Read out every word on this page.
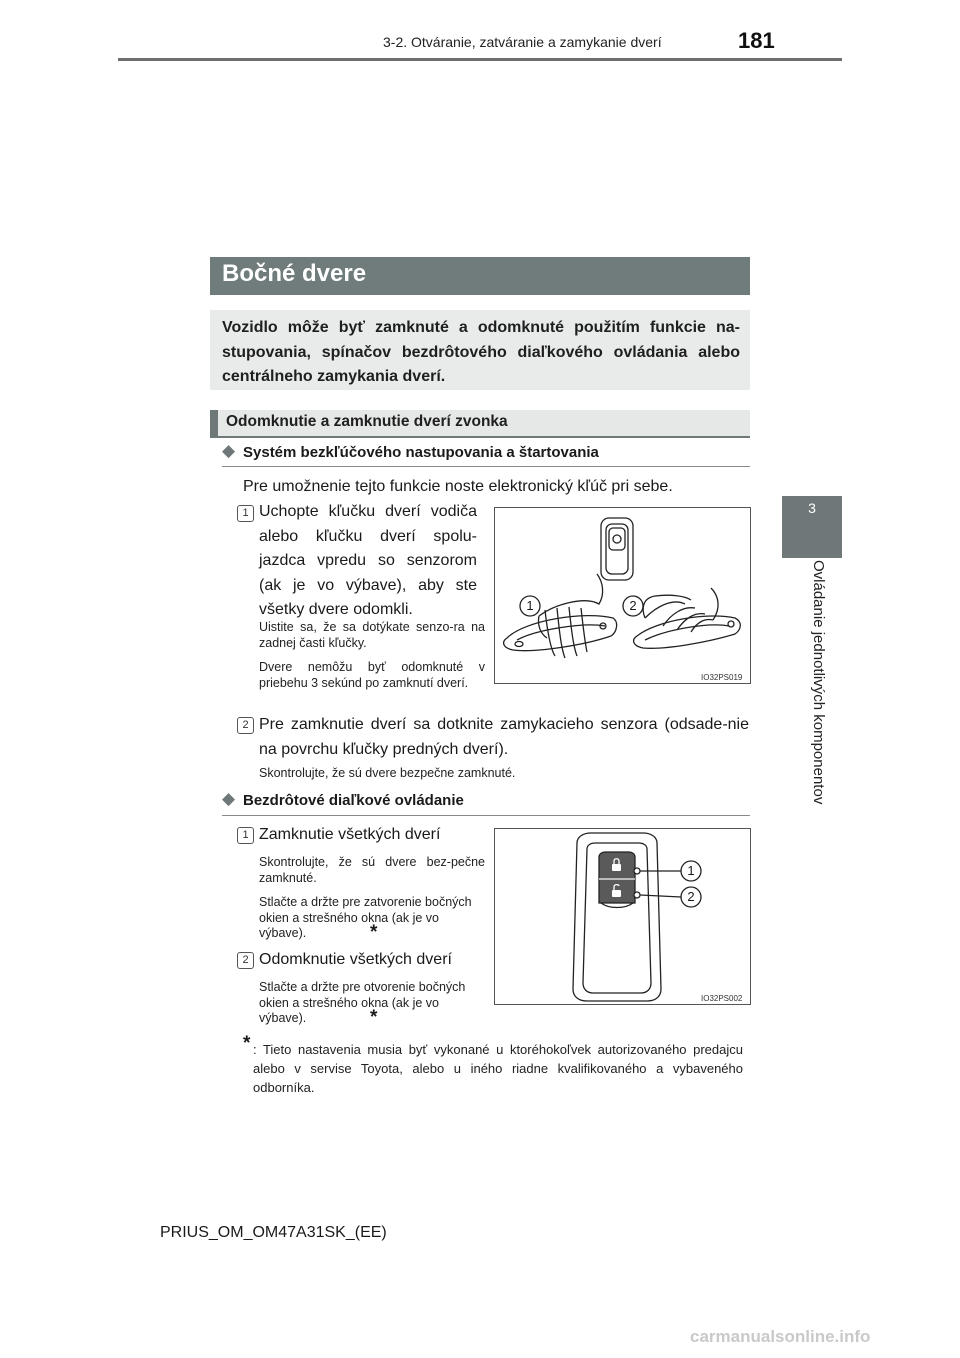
3-2. Otváranie, zatváranie a zamykanie dverí	181
3
Ovládanie jednotlivých komponentov
Bočné dvere
Vozidlo môže byť zamknuté a odomknuté použitím funkcie na-stupovania, spínačov bezdrôtového diaľkového ovládania alebo centrálneho zamykania dverí.
Odomknutie a zamknutie dverí zvonka
◆ Systém bezkľúčového nastupovania a štartovania
Pre umožnenie tejto funkcie noste elektronický kľúč pri sebe.
1 Uchopte kľučku dverí vodiča alebo kľučku dverí spolu-jazdca vpredu so senzorom (ak je vo výbave), aby ste všetky dvere odomkli.
Uistite sa, že sa dotýkate senzo-ra na zadnej časti kľučky.
Dvere nemôžu byť odomknuté v priebehu 3 sekúnd po zamknutí dverí.
1	2
IO32PS019
2 Pre zamknutie dverí sa dotknite zamykacieho senzora (odsade-nie na povrchu kľučky predných dverí).
Skontrolujte, že sú dvere bezpečne zamknuté.
◆ Bezdrôtové diaľkové ovládanie
1 Zamknutie všetkých dverí
Skontrolujte, že sú dvere bez-pečne zamknuté.
Stlačte a držte pre zatvorenie bočných okien a strešného okna (ak je vo výbave).	*
2 Odomknutie všetkých dverí
Stlačte a držte pre otvorenie bočných okien a strešného okna (ak je vo výbave).	*
1
2
IO32PS002
* : Tieto nastavenia musia byť vykonané u ktoréhokoľvek autorizovaného predajcu alebo v servise Toyota, alebo u iného riadne kvalifikovaného a vybaveného odborníka.
PRIUS_OM_OM47A31SK_(EE)
carmanualsonline.info
